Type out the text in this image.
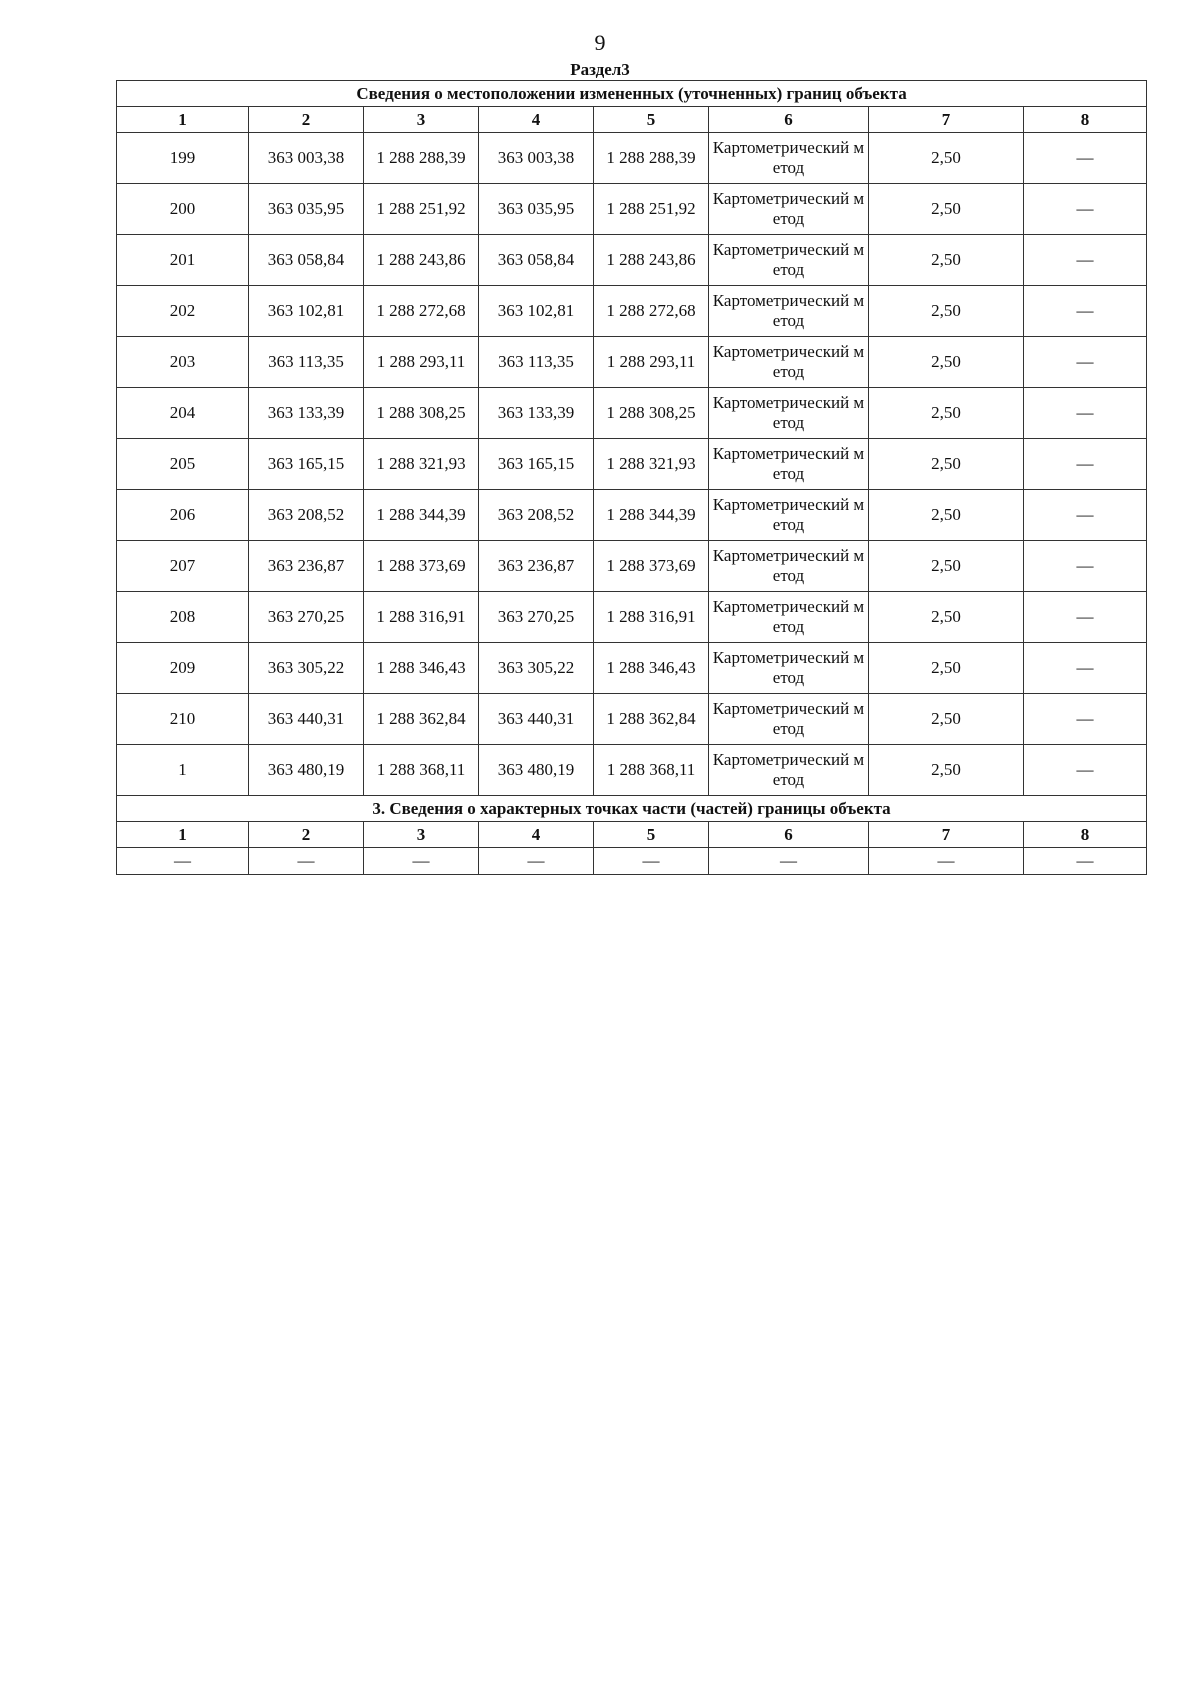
9
Раздел3
Сведения о местоположении измененных (уточненных) границ объекта							
1	2	3	4	5	6	7	8
199	363 003,38	1 288 288,39	363 003,38	1 288 288,39	Картометрический метод	2,50	—
200	363 035,95	1 288 251,92	363 035,95	1 288 251,92	Картометрический метод	2,50	—
201	363 058,84	1 288 243,86	363 058,84	1 288 243,86	Картометрический метод	2,50	—
202	363 102,81	1 288 272,68	363 102,81	1 288 272,68	Картометрический метод	2,50	—
203	363 113,35	1 288 293,11	363 113,35	1 288 293,11	Картометрический метод	2,50	—
204	363 133,39	1 288 308,25	363 133,39	1 288 308,25	Картометрический метод	2,50	—
205	363 165,15	1 288 321,93	363 165,15	1 288 321,93	Картометрический метод	2,50	—
206	363 208,52	1 288 344,39	363 208,52	1 288 344,39	Картометрический метод	2,50	—
207	363 236,87	1 288 373,69	363 236,87	1 288 373,69	Картометрический метод	2,50	—
208	363 270,25	1 288 316,91	363 270,25	1 288 316,91	Картометрический метод	2,50	—
209	363 305,22	1 288 346,43	363 305,22	1 288 346,43	Картометрический метод	2,50	—
210	363 440,31	1 288 362,84	363 440,31	1 288 362,84	Картометрический метод	2,50	—
1	363 480,19	1 288 368,11	363 480,19	1 288 368,11	Картометрический метод	2,50	—
3. Сведения о характерных точках части (частей) границы объекта							
1	2	3	4	5	6	7	8
—	—	—	—	—	—	—	—
